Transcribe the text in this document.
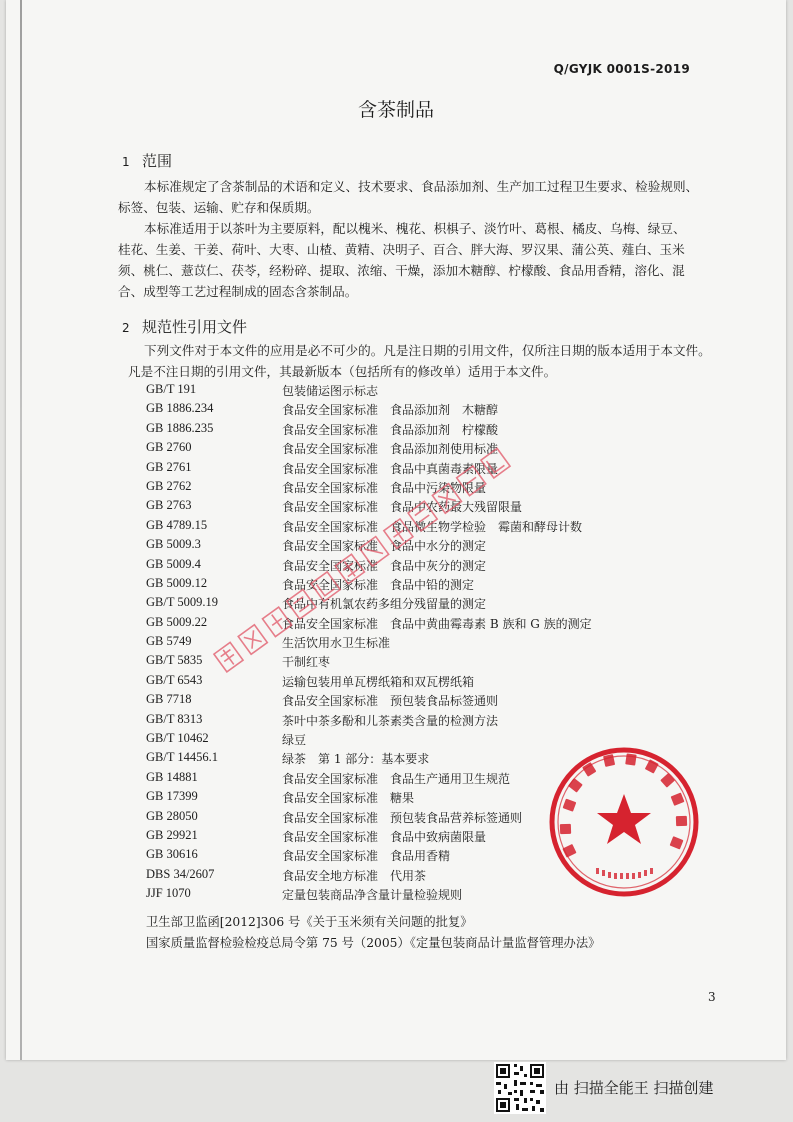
Q/GYJK 0001S-2019
含茶制品
1 范围
本标准规定了含茶制品的术语和定义、技术要求、食品添加剂、生产加工过程卫生要求、检验规则、
标签、包装、运输、贮存和保质期。
本标准适用于以茶叶为主要原料，配以槐米、槐花、枳椇子、淡竹叶、葛根、橘皮、乌梅、绿豆、
桂花、生姜、干姜、荷叶、大枣、山楂、黄精、决明子、百合、胖大海、罗汉果、蒲公英、薤白、玉米
须、桃仁、薏苡仁、茯苓，经粉碎、提取、浓缩、干燥，添加木糖醇、柠檬酸、食品用香精，溶化、混
合、成型等工艺过程制成的固态含茶制品。
2 规范性引用文件
下列文件对于本文件的应用是必不可少的。凡是注日期的引用文件，仅所注日期的版本适用于本文件。
凡是不注日期的引用文件，其最新版本（包括所有的修改单）适用于本文件。
GB/T 191	包装储运图示标志
GB 1886.234	食品安全国家标准　食品添加剂　木糖醇
GB 1886.235	食品安全国家标准　食品添加剂　柠檬酸
GB 2760	食品安全国家标准　食品添加剂使用标准
GB 2761	食品安全国家标准　食品中真菌毒素限量
GB 2762	食品安全国家标准　食品中污染物限量
GB 2763	食品安全国家标准　食品中农药最大残留限量
GB 4789.15	食品安全国家标准　食品微生物学检验　霉菌和酵母计数
GB 5009.3	食品安全国家标准　食品中水分的测定
GB 5009.4	食品安全国家标准　食品中灰分的测定
GB 5009.12	食品安全国家标准　食品中铅的测定
GB/T 5009.19	食品中有机氯农药多组分残留量的测定
GB 5009.22	食品安全国家标准　食品中黄曲霉毒素 B 族和 G 族的测定
GB 5749	生活饮用水卫生标准
GB/T 5835	干制红枣
GB/T 6543	运输包装用单瓦楞纸箱和双瓦楞纸箱
GB 7718	食品安全国家标准　预包装食品标签通则
GB/T 8313	茶叶中茶多酚和儿茶素类含量的检测方法
GB/T 10462	绿豆
GB/T 14456.1	绿茶　第 1 部分：基本要求
GB 14881	食品安全国家标准　食品生产通用卫生规范
GB 17399	食品安全国家标准　糖果
GB 28050	食品安全国家标准　预包装食品营养标签通则
GB 29921	食品安全国家标准　食品中致病菌限量
GB 30616	食品安全国家标准　食品用香精
DBS 34/2607	食品安全地方标准　代用茶
JJF 1070	定量包装商品净含量计量检验规则
卫生部卫监函[2012]306 号《关于玉米须有关问题的批复》
国家质量监督检验检疫总局令第 75 号（2005）《定量包装商品计量监督管理办法》
3
由 扫描全能王 扫描创建
